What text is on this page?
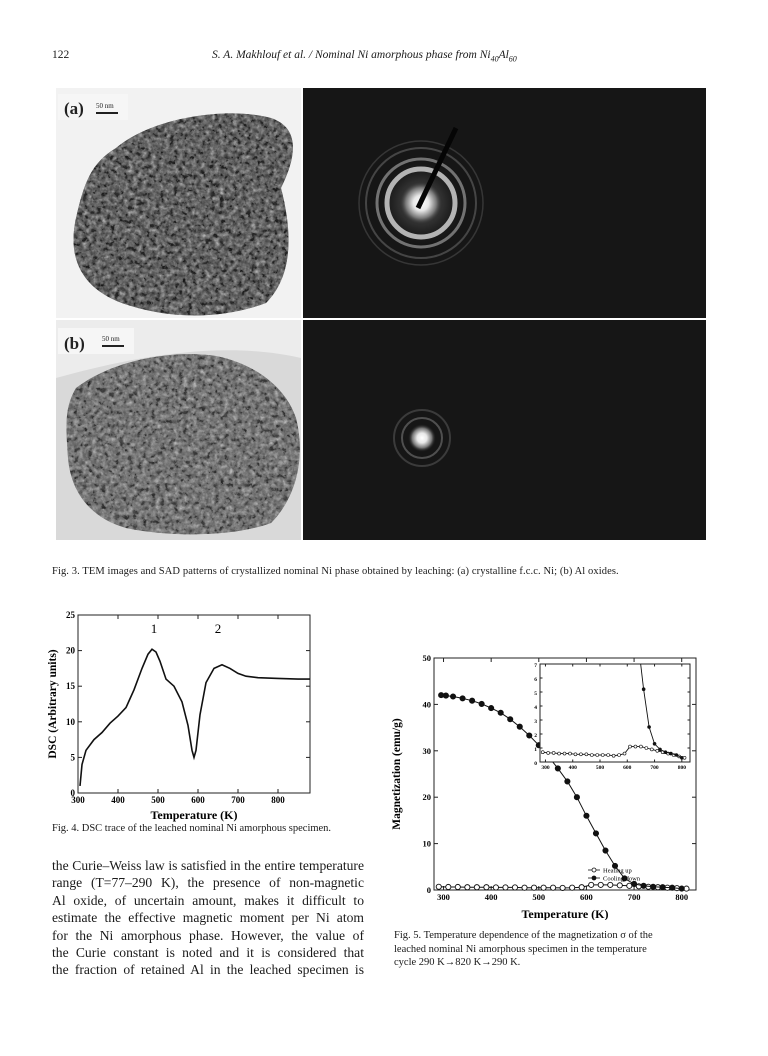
122	S. A. Makhlouf et al. / Nominal Ni amorphous phase from $Ni_{40}Al_{60}$
(a) 50 nm
(b) 50 nm
Fig. 3. TEM images and SAD patterns of crystallized nominal Ni phase obtained by leaching: (a) crystalline f.c.c. Ni; (b) Al oxides.
300	400	500	600	700	800
0
5
10
15
20
25
1	2
Temperature (K)
DSC (Arbitrary units)
Fig. 4. DSC trace of the leached nominal Ni amorphous specimen.
the Curie–Weiss law is satisfied in the entire temperature
range (T=77–290 K), the presence of non-magnetic
Al oxide, of uncertain amount, makes it difficult to
estimate the effective magnetic moment per Ni atom
for the Ni amorphous phase. However, the value of
the Curie constant is noted and it is considered that
the fraction of retained Al in the leached specimen is
300	400	500	600	700	800
0
10
20
30
40
50
Temperature (K)
Magnetization (emu/g)
Heating up
Cooling down
300	400	500	600	700	800
0
1
2
3
4
5
6
7
Fig. 5. Temperature dependence of the magnetization σ of the
leached nominal Ni amorphous specimen in the temperature
cycle 290 K→820 K→290 K.
